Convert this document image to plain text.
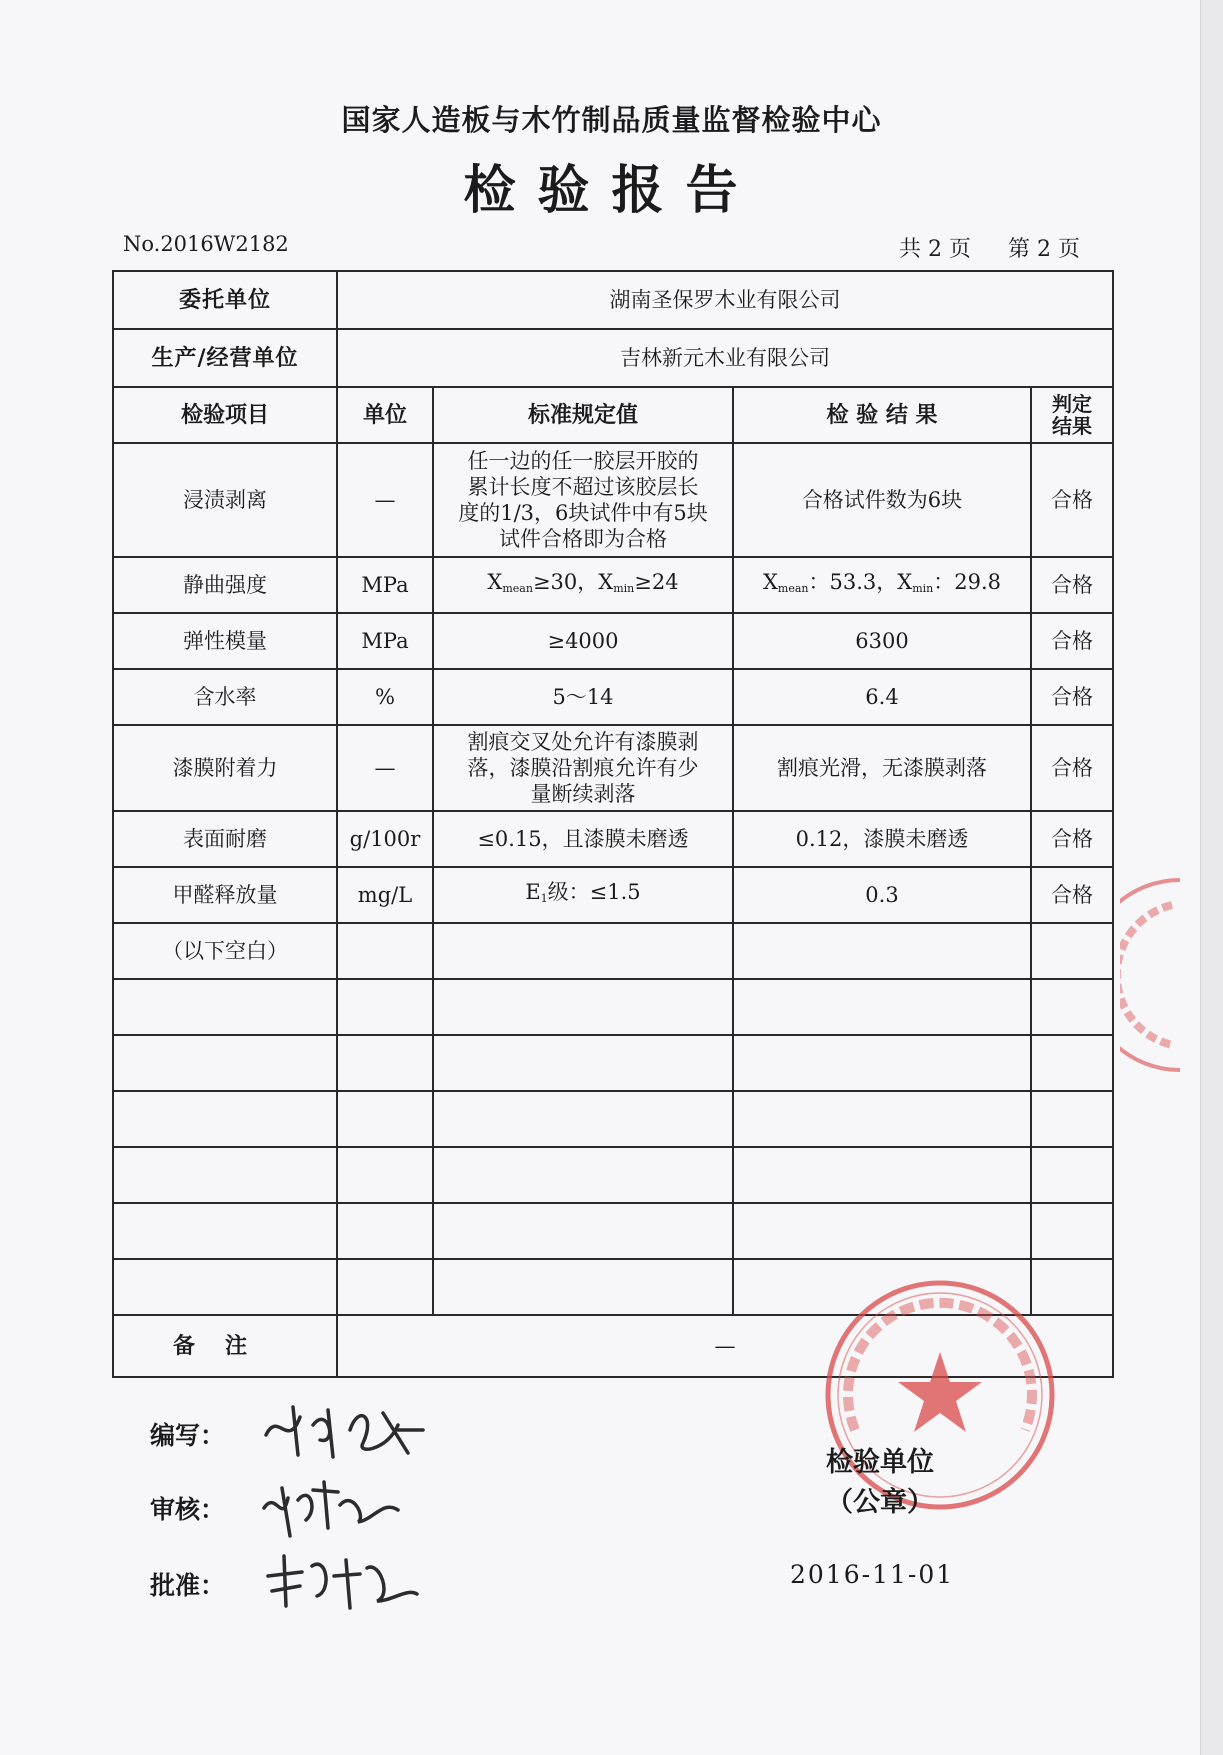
国家人造板与木竹制品质量监督检验中心
检验报告
No.2016W2182	共 2 页 第 2 页
委托单位	湖南圣保罗木业有限公司			
生产/经营单位	吉林新元木业有限公司			
检验项目	单位	标准规定值	检 验 结 果	判定
结果

浸渍剥离	—	任一边的任一胶层开胶的
累计长度不超过该胶层长
度的1/3，6块试件中有5块
试件合格即为合格	合格试件数为6块	合格
静曲强度	MPa	$X_{mean}\ge 30$，$X_{min}\ge 24$	$X_{mean}$：53.3，$X_{min}$：29.8	合格
弹性模量	MPa	≥4000	6300	合格
含水率	%	5～14	6.4	合格
漆膜附着力	—	割痕交叉处允许有漆膜剥
落，漆膜沿割痕允许有少
量断续剥落	割痕光滑，无漆膜剥落	合格
表面耐磨	g/100r	≤0.15，且漆膜未磨透	0.12，漆膜未磨透	合格
甲醛释放量	mg/L	$E_1$级：≤1.5	0.3	合格
（以下空白）				

备注	—			
编写：
审核：
批准：
检验单位
（公章）
2016-11-01
